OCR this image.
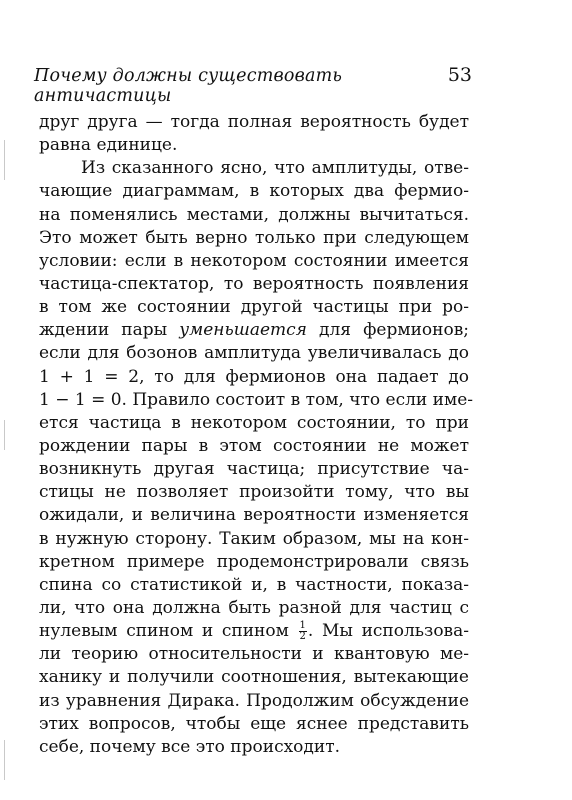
Почему должны существовать античастицы
53
друг друга — тогда полная вероятность будет
равна единице.
Из сказанного ясно, что амплитуды, отве-
чающие диаграммам, в которых два фермио-
на поменялись местами, должны вычитаться.
Это может быть верно только при следующем
условии: если в некотором состоянии имеется
частица-спектатор, то вероятность появления
в том же состоянии другой частицы при ро-
ждении пары уменьшается для фермионов;
если для бозонов амплитуда увеличивалась до
1 + 1 = 2, то для фермионов она падает до
1 − 1 = 0. Правило состоит в том, что если име-
ется частица в некотором состоянии, то при
рождении пары в этом состоянии не может
возникнуть другая частица; присутствие ча-
стицы не позволяет произойти тому, что вы
ожидали, и величина вероятности изменяется
в нужную сторону. Таким образом, мы на кон-
кретном примере продемонстрировали связь
спина со статистикой и, в частности, показа-
ли, что она должна быть разной для частиц с
нулевым спином и спином $\frac{1}{2}$ . Мы использова-
ли теорию относительности и квантовую ме-
ханику и получили соотношения, вытекающие
из уравнения Дирака. Продолжим обсуждение
этих вопросов, чтобы еще яснее представить
себе, почему все это происходит.
